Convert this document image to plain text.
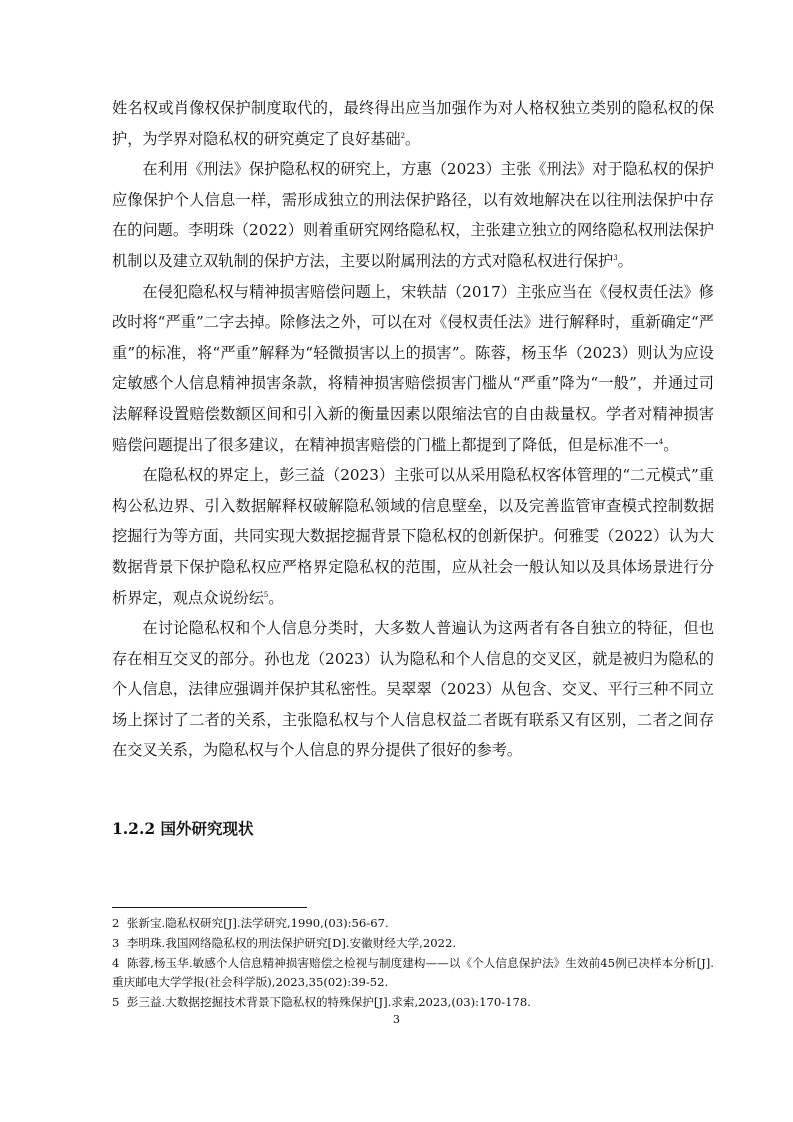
姓名权或肖像权保护制度取代的，最终得出应当加强作为对人格权独立类别的隐私权的保护，为学界对隐私权的研究奠定了良好基础$^2$。

在利用《刑法》保护隐私权的研究上，方惠（2023）主张《刑法》对于隐私权的保护应像保护个人信息一样，需形成独立的刑法保护路径，以有效地解决在以往刑法保护中存在的问题。李明珠（2022）则着重研究网络隐私权，主张建立独立的网络隐私权刑法保护机制以及建立双轨制的保护方法，主要以附属刑法的方式对隐私权进行保护$^3$。

在侵犯隐私权与精神损害赔偿问题上，宋轶喆（2017）主张应当在《侵权责任法》修改时将“严重”二字去掉。除修法之外，可以在对《侵权责任法》进行解释时，重新确定“严重”的标准，将“严重”解释为“轻微损害以上的损害”。陈蓉，杨玉华（2023）则认为应设定敏感个人信息精神损害条款，将精神损害赔偿损害门槛从“严重”降为“一般”，并通过司法解释设置赔偿数额区间和引入新的衡量因素以限缩法官的自由裁量权。学者对精神损害赔偿问题提出了很多建议，在精神损害赔偿的门槛上都提到了降低，但是标准不一$^4$。

在隐私权的界定上，彭三益（2023）主张可以从采用隐私权客体管理的“二元模式”重构公私边界、引入数据解释权破解隐私领域的信息壁垒，以及完善监管审查模式控制数据挖掘行为等方面，共同实现大数据挖掘背景下隐私权的创新保护。何雅雯（2022）认为大数据背景下保护隐私权应严格界定隐私权的范围，应从社会一般认知以及具体场景进行分析界定，观点众说纷纭$^5$。

在讨论隐私权和个人信息分类时，大多数人普遍认为这两者有各自独立的特征，但也存在相互交叉的部分。孙也龙（2023）认为隐私和个人信息的交叉区，就是被归为隐私的个人信息，法律应强调并保护其私密性。吴翠翠（2023）从包含、交叉、平行三种不同立场上探讨了二者的关系，主张隐私权与个人信息权益二者既有联系又有区别，二者之间存在交叉关系，为隐私权与个人信息的界分提供了很好的参考。

1.2.2 国外研究现状

2 张新宝.隐私权研究[J].法学研究,1990,(03):56-67.

3 李明珠.我国网络隐私权的刑法保护研究[D].安徽财经大学,2022.

4 陈蓉,杨玉华.敏感个人信息精神损害赔偿之检视与制度建构——以《个人信息保护法》生效前45例已决样本分析[J].重庆邮电大学学报(社会科学版),2023,35(02):39-52.

5 彭三益.大数据挖掘技术背景下隐私权的特殊保护[J].求索,2023,(03):170-178.

3
